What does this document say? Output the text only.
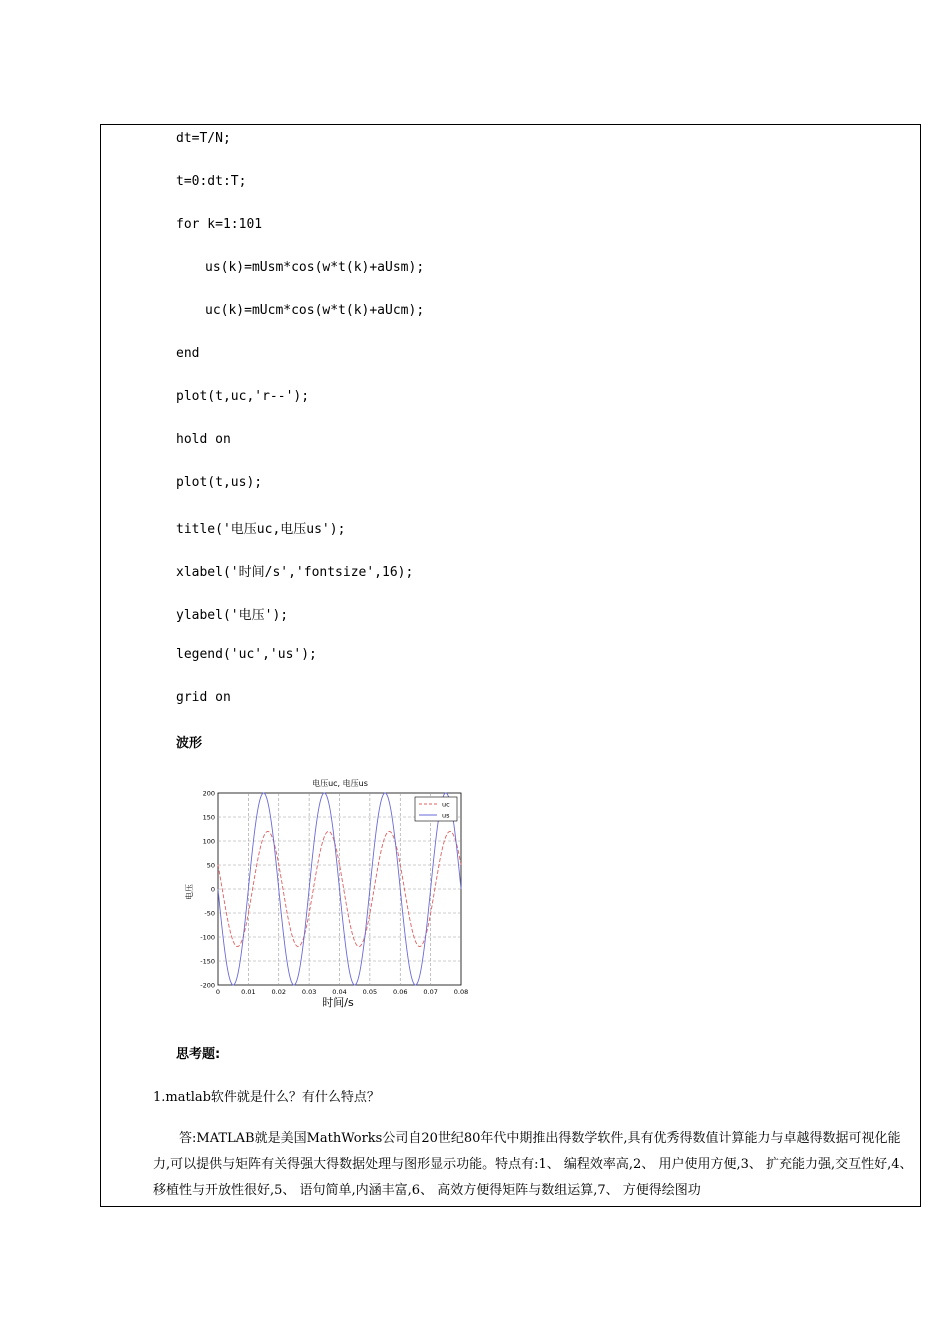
dt=T/N;
t=0:dt:T;
for k=1:101
us(k)=mUsm*cos(w*t(k)+aUsm);
uc(k)=mUcm*cos(w*t(k)+aUcm);
end
plot(t,uc,'r--');
hold on
plot(t,us);
title('电压uc,电压us');
xlabel('时间/s','fontsize',16);
ylabel('电压');
legend('uc','us');
grid on
波形
电压uc, 电压us
电压
时间/s
0	0.01 0.02 0.03 0.04 0.05 0.06 0.07 0.08
200
150
100
50
0
-50
-100
-150
-200
uc
us
思考题:
1.matlab软件就是什么？有什么特点？
答:MATLAB就是美国MathWorks公司自20世纪80年代中期推出得数学软件,具有优秀得数值计算能力与卓越得数据可视化能力,可以提供与矩阵有关得强大得数据处理与图形显示功能。特点有:1、 编程效率高,2、 用户使用方便,3、 扩充能力强,交互性好,4、 移植性与开放性很好,5、 语句简单,内涵丰富,6、 高效方便得矩阵与数组运算,7、 方便得绘图功
